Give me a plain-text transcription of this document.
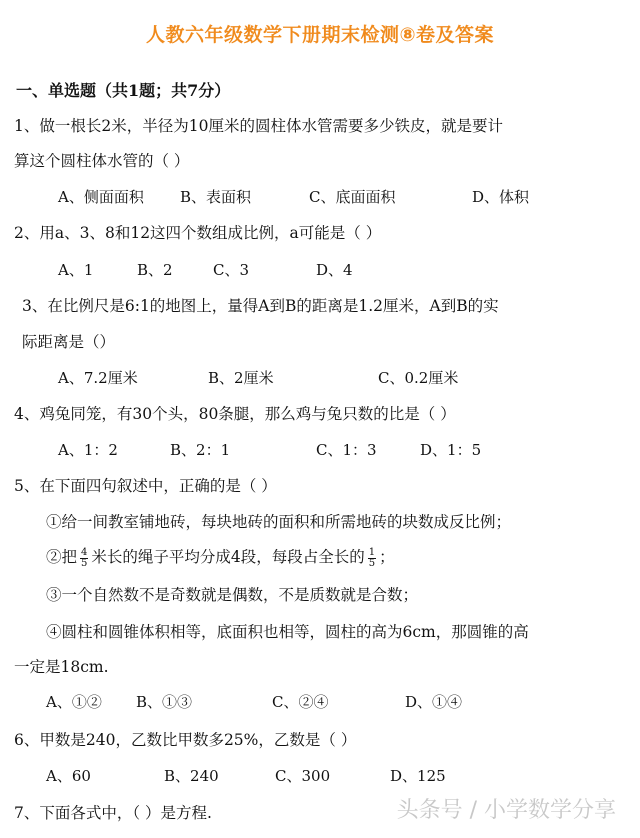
人教六年级数学下册期末检测⑧卷及答案
一、单选题（共1题；共7分）
1、做一根长2米，半径为10厘米的圆柱体水管需要多少铁皮，就是要计
算这个圆柱体水管的（ ）
A、侧面面积 B、表面积	C、底面面积	D、体积
2、用a、3、8和12这四个数组成比例，a可能是（ ）
A、1	B、2	C、3	D、4
3、在比例尺是6:1的地图上，量得A到B的距离是1.2厘米，A到B的实
际距离是（）
A、7.2厘米	B、2厘米	C、0.2厘米
4、鸡兔同笼，有30个头，80条腿，那么鸡与兔只数的比是（ ）
A、1：2	B、2：1	C、1：3	D、1：5
5、在下面四句叙述中，正确的是（ ）
①给一间教室铺地砖，每块地砖的面积和所需地砖的块数成反比例；
②把 $\frac{4}{5}$ 米长的绳子平均分成4段，每段占全长的 $\frac{1}{5}$ ；
③一个自然数不是奇数就是偶数，不是质数就是合数；
④圆柱和圆锥体积相等，底面积也相等，圆柱的高为6cm，那圆锥的高
一定是18cm.
A、①② B、①③	C、②④	D、①④
6、甲数是240，乙数比甲数多25%，乙数是（ ）
A、60	B、240	C、300	D、125
7、下面各式中，（ ）是方程.	头条号 / 小学数学分享
